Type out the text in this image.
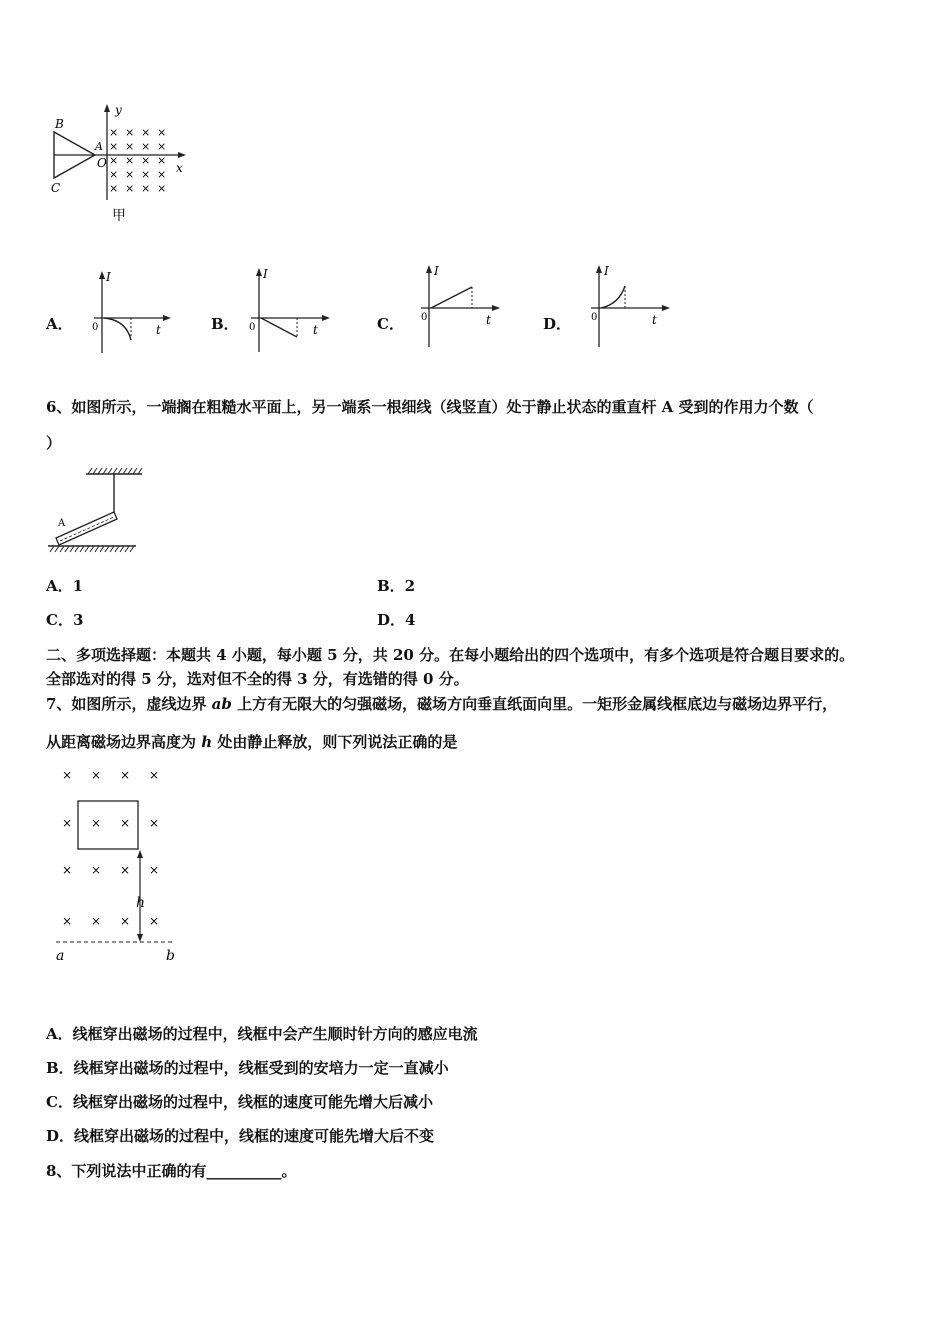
B
C
A
O
y
x
× × × ×
× × × ×
× × × ×
× × × ×
× × × ×
甲
A．
I
t
0	B．
I
t
0	C．
I
t
0	D．
I
t
0
6、如图所示，一端搁在粗糙水平面上，另一端系一根细线（线竖直）处于静止状态的重直杆 A 受到的作用力个数（
）
A
A．1	B．2
C．3	D．4
二、多项选择题：本题共 4 小题，每小题 5 分，共 20 分。在每小题给出的四个选项中，有多个选项是符合题目要求的。
全部选对的得 5 分，选对但不全的得 3 分，有选错的得 0 分。
7、如图所示，虚线边界 ab 上方有无限大的匀强磁场，磁场方向垂直纸面向里。一矩形金属线框底边与磁场边界平行，
从距离磁场边界高度为 h 处由静止释放，则下列说法正确的是
× × × ×
× × × ×
× × × ×
× × × ×
h
a	b
A．线框穿出磁场的过程中，线框中会产生顺时针方向的感应电流
B．线框穿出磁场的过程中，线框受到的安培力一定一直减小
C．线框穿出磁场的过程中，线框的速度可能先增大后减小
D．线框穿出磁场的过程中，线框的速度可能先增大后不变
8、下列说法中正确的有__________。
